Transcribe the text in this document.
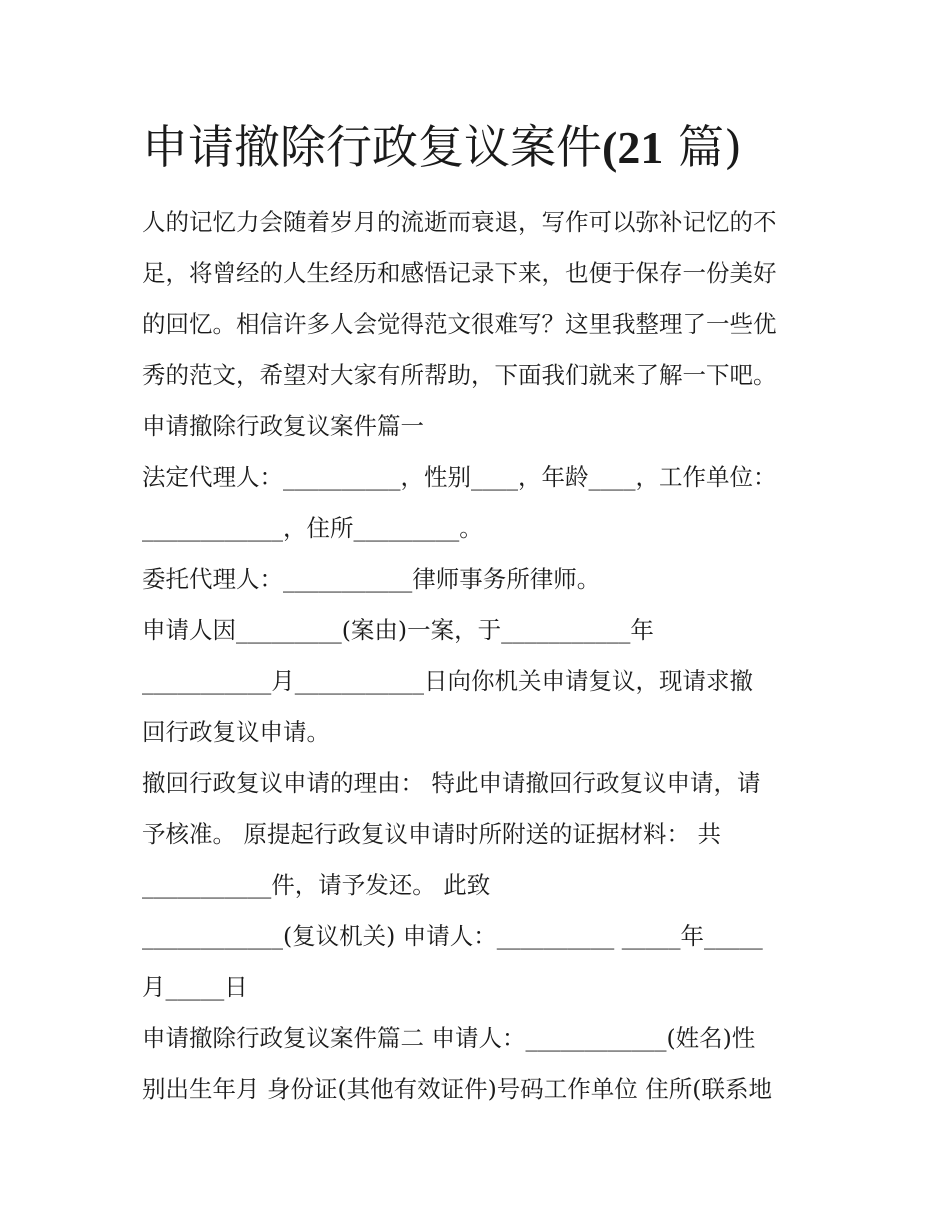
申请撤除行政复议案件(21 篇)

人的记忆力会随着岁月的流逝而衰退，写作可以弥补记忆的不

足，将曾经的人生经历和感悟记录下来，也便于保存一份美好

的回忆。相信许多人会觉得范文很难写？这里我整理了一些优

秀的范文，希望对大家有所帮助，下面我们就来了解一下吧。

申请撤除行政复议案件篇一

法定代理人：__________，性别____，年龄____，工作单位：

____________，住所_________。

委托代理人：___________律师事务所律师。

申请人因_________(案由)一案，于___________年

___________月___________日向你机关申请复议，现请求撤

回行政复议申请。

撤回行政复议申请的理由： 特此申请撤回行政复议申请，请

予核准。 原提起行政复议申请时所附送的证据材料： 共

___________件，请予发还。 此致

____________(复议机关) 申请人：__________ _____年_____

月_____日

申请撤除行政复议案件篇二 申请人：____________(姓名)性

别出生年月 身份证(其他有效证件)号码工作单位 住所(联系地
